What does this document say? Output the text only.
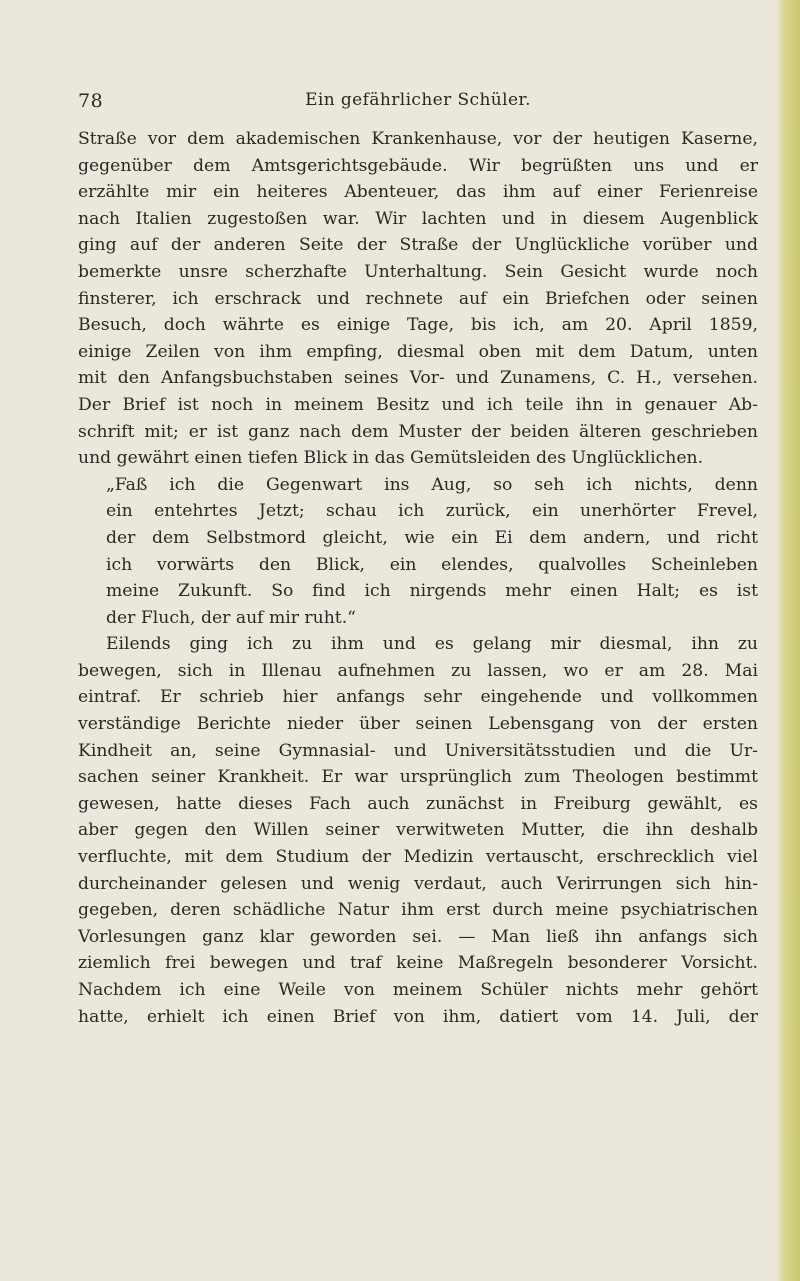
78	Ein gefährlicher Schüler.

Straße vor dem akademischen Krankenhause, vor der heutigen Kaserne,
gegenüber dem Amtsgerichtsgebäude. Wir begrüßten uns und er
erzählte mir ein heiteres Abenteuer, das ihm auf einer Ferienreise
nach Italien zugestoßen war. Wir lachten und in diesem Augenblick
ging auf der anderen Seite der Straße der Unglückliche vorüber und
bemerkte unsre scherzhafte Unterhaltung. Sein Gesicht wurde noch
finsterer, ich erschrack und rechnete auf ein Briefchen oder seinen
Besuch, doch währte es einige Tage, bis ich, am 20. April 1859,
einige Zeilen von ihm empfing, diesmal oben mit dem Datum, unten
mit den Anfangsbuchstaben seines Vor- und Zunamens, C. H., versehen.
Der Brief ist noch in meinem Besitz und ich teile ihn in genauer Ab-
schrift mit; er ist ganz nach dem Muster der beiden älteren geschrieben
und gewährt einen tiefen Blick in das Gemütsleiden des Unglücklichen.

„Faß ich die Gegenwart ins Aug, so seh ich nichts, denn
ein entehrtes Jetzt; schau ich zurück, ein unerhörter Frevel,
der dem Selbstmord gleicht, wie ein Ei dem andern, und richt
ich vorwärts den Blick, ein elendes, qualvolles Scheinleben
meine Zukunft. So find ich nirgends mehr einen Halt; es ist
der Fluch, der auf mir ruht.“

Eilends ging ich zu ihm und es gelang mir diesmal, ihn zu
bewegen, sich in Illenau aufnehmen zu lassen, wo er am 28. Mai
eintraf. Er schrieb hier anfangs sehr eingehende und vollkommen
verständige Berichte nieder über seinen Lebensgang von der ersten
Kindheit an, seine Gymnasial- und Universitätsstudien und die Ur-
sachen seiner Krankheit. Er war ursprünglich zum Theologen bestimmt
gewesen, hatte dieses Fach auch zunächst in Freiburg gewählt, es
aber gegen den Willen seiner verwitweten Mutter, die ihn deshalb
verfluchte, mit dem Studium der Medizin vertauscht, erschrecklich viel
durcheinander gelesen und wenig verdaut, auch Verirrungen sich hin-
gegeben, deren schädliche Natur ihm erst durch meine psychiatrischen
Vorlesungen ganz klar geworden sei. — Man ließ ihn anfangs sich
ziemlich frei bewegen und traf keine Maßregeln besonderer Vorsicht.
Nachdem ich eine Weile von meinem Schüler nichts mehr gehört
hatte, erhielt ich einen Brief von ihm, datiert vom 14. Juli, der
